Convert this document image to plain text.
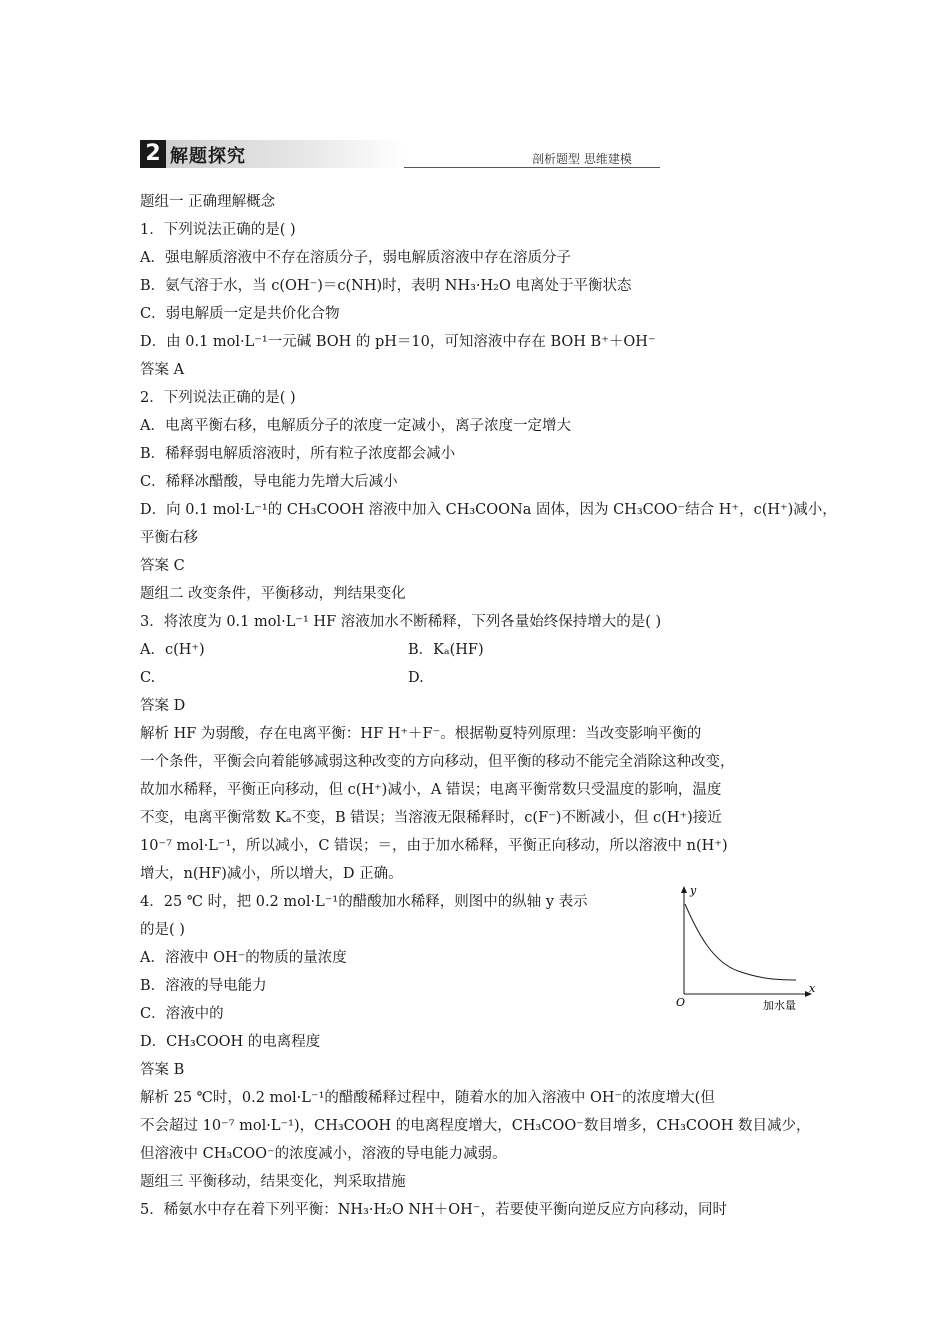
2 解题探究	剖析题型 思维建模
题组一 正确理解概念
1．下列说法正确的是( )
A．强电解质溶液中不存在溶质分子，弱电解质溶液中存在溶质分子
B．氨气溶于水，当 c(OH⁻)＝c(NH)时，表明 NH₃·H₂O 电离处于平衡状态
C．弱电解质一定是共价化合物
D．由 0.1 mol·L⁻¹一元碱 BOH 的 pH＝10，可知溶液中存在 BOH B⁺＋OH⁻
答案 A
2．下列说法正确的是( )
A．电离平衡右移，电解质分子的浓度一定减小，离子浓度一定增大
B．稀释弱电解质溶液时，所有粒子浓度都会减小
C．稀释冰醋酸，导电能力先增大后减小
D．向 0.1 mol·L⁻¹的 CH₃COOH 溶液中加入 CH₃COONa 固体，因为 CH₃COO⁻结合 H⁺，c(H⁺)减小，
平衡右移
答案 C
题组二 改变条件，平衡移动，判结果变化
3．将浓度为 0.1 mol·L⁻¹ HF 溶液加水不断稀释，下列各量始终保持增大的是( )
A．c(H⁺)	B．Kₐ(HF)
C.	D.
答案 D
解析 HF 为弱酸，存在电离平衡：HF H⁺＋F⁻。根据勒夏特列原理：当改变影响平衡的
一个条件，平衡会向着能够减弱这种改变的方向移动，但平衡的移动不能完全消除这种改变，
故加水稀释，平衡正向移动，但 c(H⁺)减小，A 错误；电离平衡常数只受温度的影响，温度
不变，电离平衡常数 Kₐ不变，B 错误；当溶液无限稀释时，c(F⁻)不断减小，但 c(H⁺)接近
10⁻⁷ mol·L⁻¹，所以减小，C 错误；＝，由于加水稀释，平衡正向移动，所以溶液中 n(H⁺)
增大，n(HF)减小，所以增大，D 正确。
4．25 ℃ 时，把 0.2 mol·L⁻¹的醋酸加水稀释，则图中的纵轴 y 表示
的是( )
A．溶液中 OH⁻的物质的量浓度
B．溶液的导电能力
C．溶液中的
D．CH₃COOH 的电离程度
答案 B
解析 25 ℃时，0.2 mol·L⁻¹的醋酸稀释过程中，随着水的加入溶液中 OH⁻的浓度增大(但
不会超过 10⁻⁷ mol·L⁻¹)，CH₃COOH 的电离程度增大，CH₃COO⁻数目增多，CH₃COOH 数目减少，
但溶液中 CH₃COO⁻的浓度减小，溶液的导电能力减弱。
题组三 平衡移动，结果变化，判采取措施
5．稀氨水中存在着下列平衡：NH₃·H₂O NH＋OH⁻，若要使平衡向逆反应方向移动，同时
y
x
O	加水量
